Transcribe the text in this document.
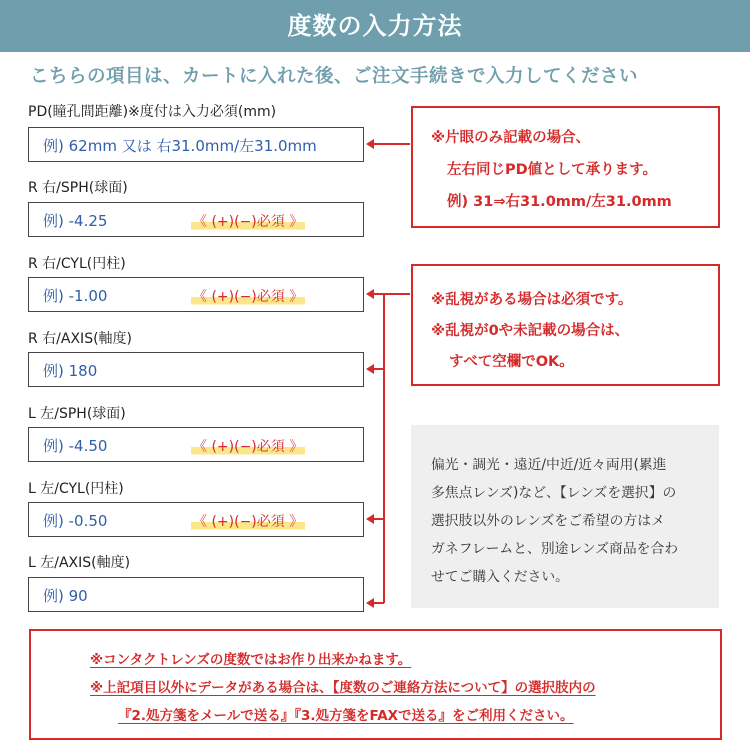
度数の入力方法
こちらの項目は、カートに入れた後、ご注文手続きで入力してください
PD(瞳孔間距離)※度付は入力必須(mm)
例) 62mm 又は 右31.0mm/左31.0mm
R 右/SPH(球面)
例) -4.25	《 (+)(−)必須 》
R 右/CYL(円柱)
例) -1.00	《 (+)(−)必須 》
R 右/AXIS(軸度)
例) 180
L 左/SPH(球面)
例) -4.50	《 (+)(−)必須 》
L 左/CYL(円柱)
例) -0.50	《 (+)(−)必須 》
L 左/AXIS(軸度)
例) 90

※片眼のみ記載の場合、

左右同じPD値として承ります。

例) 31⇒右31.0mm/左31.0mm

※乱視がある場合は必須です。

※乱視が0や未記載の場合は、

すべて空欄でOK。

偏光・調光・遠近/中近/近々両用(累進

多焦点レンズ)など、【レンズを選択】の

選択肢以外のレンズをご希望の方はメ

ガネフレームと、別途レンズ商品を合わ

せてご購入ください。

※コンタクトレンズの度数ではお作り出来かねます。

※上記項目以外にデータがある場合は、【度数のご連絡方法について】の選択肢内の

『2.処方箋をメールで送る』『3.処方箋をFAXで送る』をご利用ください。
